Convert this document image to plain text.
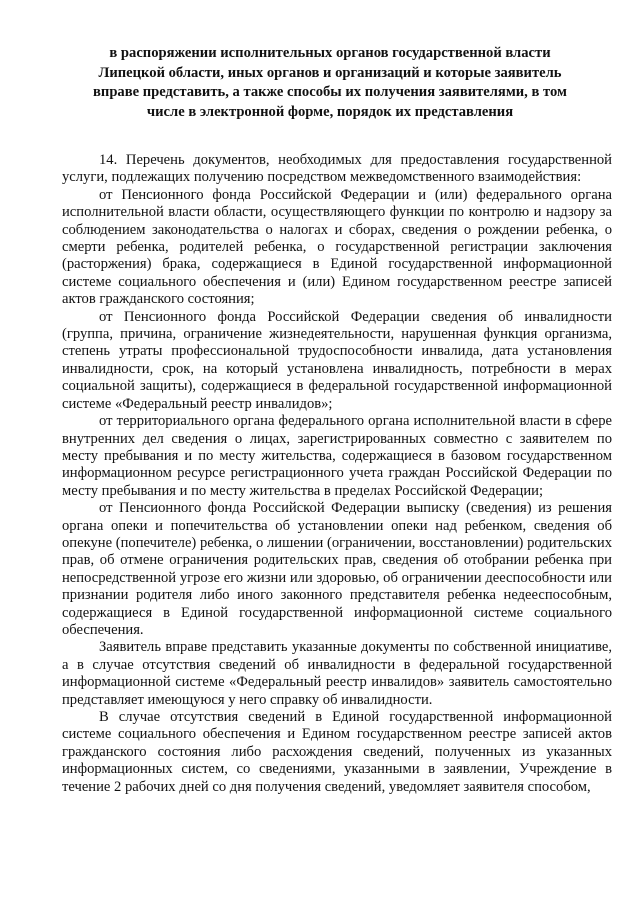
в распоряжении исполнительных органов государственной власти Липецкой области, иных органов и организаций и которые заявитель вправе представить, а также способы их получения заявителями, в том числе в электронной форме, порядок их представления

14. Перечень документов, необходимых для предоставления государственной услуги, подлежащих получению посредством межведомственного взаимодействия:

от Пенсионного фонда Российской Федерации и (или) федерального органа исполнительной власти области, осуществляющего функции по контролю и надзору за соблюдением законодательства о налогах и сборах, сведения о рождении ребенка, о смерти ребенка, родителей ребенка, о государственной регистрации заключения (расторжения) брака, содержащиеся в Единой государственной информационной системе социального обеспечения и (или) Едином государственном реестре записей актов гражданского состояния;

от Пенсионного фонда Российской Федерации сведения об инвалидности (группа, причина, ограничение жизнедеятельности, нарушенная функция организма, степень утраты профессиональной трудоспособности инвалида, дата установления инвалидности, срок, на который установлена инвалидность, потребности в мерах социальной защиты), содержащиеся в федеральной государственной информационной системе «Федеральный реестр инвалидов»;

от территориального органа федерального органа исполнительной власти в сфере внутренних дел сведения о лицах, зарегистрированных совместно с заявителем по месту пребывания и по месту жительства, содержащиеся в базовом государственном информационном ресурсе регистрационного учета граждан Российской Федерации по месту пребывания и по месту жительства в пределах Российской Федерации;

от Пенсионного фонда Российской Федерации выписку (сведения) из решения органа опеки и попечительства об установлении опеки над ребенком, сведения об опекуне (попечителе) ребенка, о лишении (ограничении, восстановлении) родительских прав, об отмене ограничения родительских прав, сведения об отобрании ребенка при непосредственной угрозе его жизни или здоровью, об ограничении дееспособности или признании родителя либо иного законного представителя ребенка недееспособным, содержащиеся в Единой государственной информационной системе социального обеспечения.

Заявитель вправе представить указанные документы по собственной инициативе, а в случае отсутствия сведений об инвалидности в федеральной государственной информационной системе «Федеральный реестр инвалидов» заявитель самостоятельно представляет имеющуюся у него справку об инвалидности.

В случае отсутствия сведений в Единой государственной информационной системе социального обеспечения и Едином государственном реестре записей актов гражданского состояния либо расхождения сведений, полученных из указанных информационных систем, со сведениями, указанными в заявлении, Учреждение в течение 2 рабочих дней со дня получения сведений, уведомляет заявителя способом,
